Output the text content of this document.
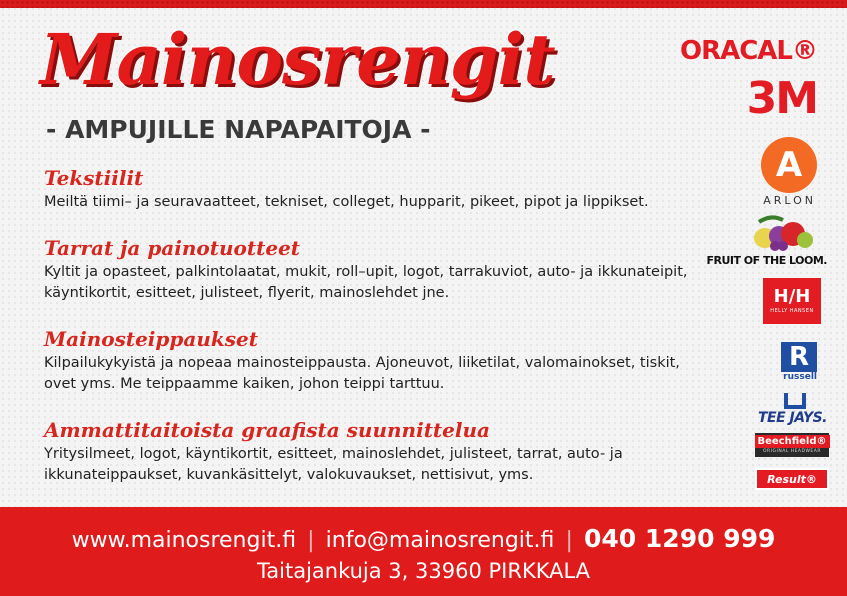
Mainosrengit
- AMPUJILLE NAPAPAITOJA -
Tekstiilit
Meiltä tiimi– ja seuravaatteet, tekniset, colleget, hupparit, pikeet, pipot ja lippikset.
Tarrat ja painotuotteet
Kyltit ja opasteet, palkintolaatat, mukit, roll–upit, logot, tarrakuviot, auto- ja ikkunateipit, käyntikortit, esitteet, julisteet, flyerit, mainoslehdet jne.
Mainosteippaukset
Kilpailukykyistä ja nopeaa mainosteippausta. Ajoneuvot, liiketilat, valomainokset, tiskit, ovet yms. Me teippaamme kaiken, johon teippi tarttuu.
Ammattitaitoista graafista suunnittelua
Yritysilmeet, logot, käyntikortit, esitteet, mainoslehdet, julisteet, tarrat, auto- ja ikkunateippaukset, kuvankäsittelyt, valokuvaukset, nettisivut, yms.
ORACAL®
3M
A
ARLON
FRUIT OF THE LOOM.
H/H
HELLY HANSEN
R
russell
TEE JAYS.
Beechfield®
ORIGINAL HEADWEAR
Result®
www.mainosrengit.fi | info@mainosrengit.fi | 040 1290 999
Taitajankuja 3, 33960 PIRKKALA
